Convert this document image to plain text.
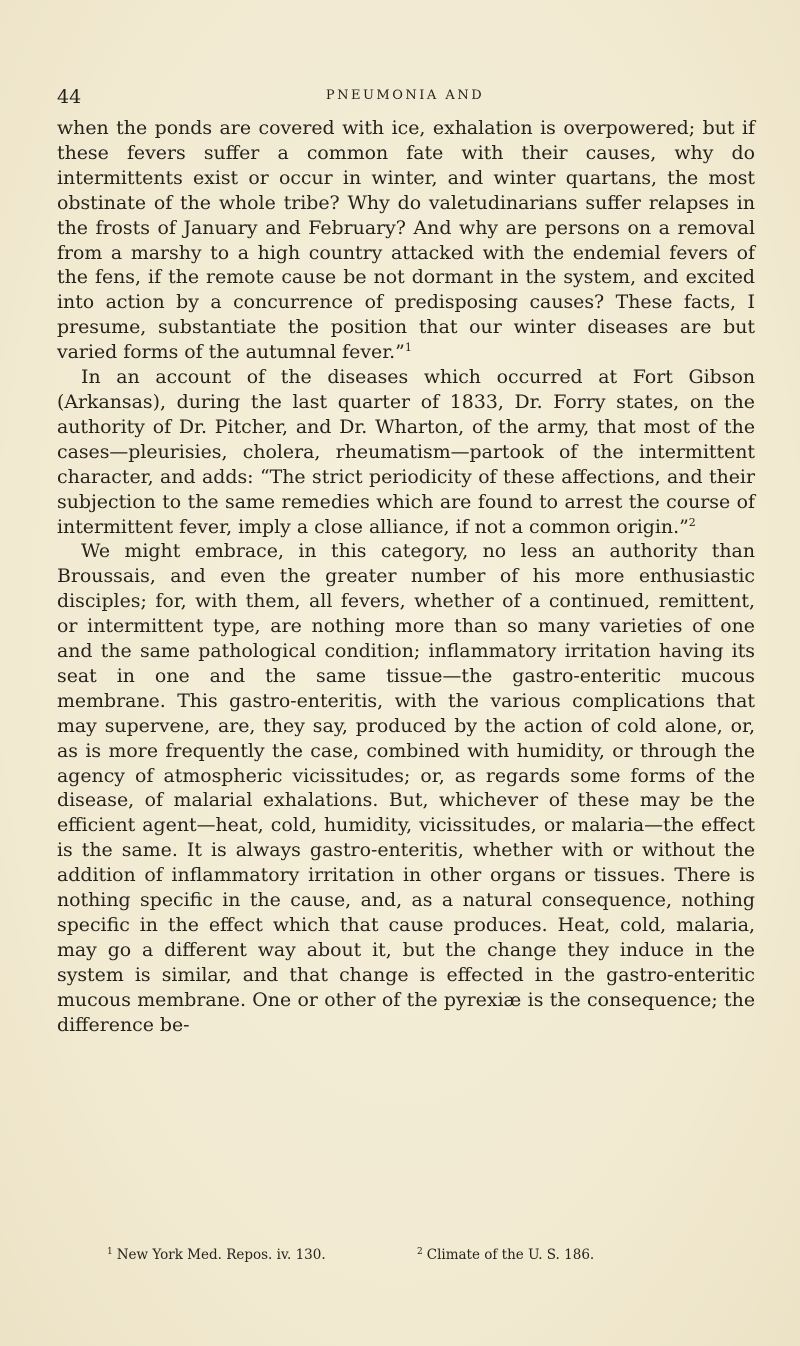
44	PNEUMONIA AND

when the ponds are covered with ice, exhalation is overpowered; but if these fevers suffer a common fate with their causes, why do intermittents exist or occur in winter, and winter quartans, the most obstinate of the whole tribe? Why do valetudinarians suffer relapses in the frosts of January and February? And why are persons on a removal from a marshy to a high country attacked with the endemial fevers of the fens, if the remote cause be not dormant in the system, and excited into action by a concurrence of predisposing causes? These facts, I presume, substantiate the position that our winter diseases are but varied forms of the autumnal fever.”$^1$

In an account of the diseases which occurred at Fort Gibson (Arkansas), during the last quarter of 1833, Dr. Forry states, on the authority of Dr. Pitcher, and Dr. Wharton, of the army, that most of the cases—pleurisies, cholera, rheumatism—partook of the intermittent character, and adds: “The strict periodicity of these affections, and their subjection to the same remedies which are found to arrest the course of intermittent fever, imply a close alliance, if not a common origin.”$^2$

We might embrace, in this category, no less an authority than Broussais, and even the greater number of his more enthusiastic disciples; for, with them, all fevers, whether of a continued, remittent, or intermittent type, are nothing more than so many varieties of one and the same pathological condition; inflammatory irritation having its seat in one and the same tissue—the gastro-enteritic mucous membrane. This gastro-enteritis, with the various complications that may supervene, are, they say, produced by the action of cold alone, or, as is more frequently the case, combined with humidity, or through the agency of atmospheric vicissitudes; or, as regards some forms of the disease, of malarial exhalations. But, whichever of these may be the efficient agent—heat, cold, humidity, vicissitudes, or malaria—the effect is the same. It is always gastro-enteritis, whether with or without the addition of inflammatory irritation in other organs or tissues. There is nothing specific in the cause, and, as a natural consequence, nothing specific in the effect which that cause produces. Heat, cold, malaria, may go a different way about it, but the change they induce in the system is similar, and that change is effected in the gastro-enteritic mucous membrane. One or other of the pyrexiæ is the consequence; the difference be-

$^1$ New York Med. Repos. iv. 130.	$^2$ Climate of the U. S. 186.
